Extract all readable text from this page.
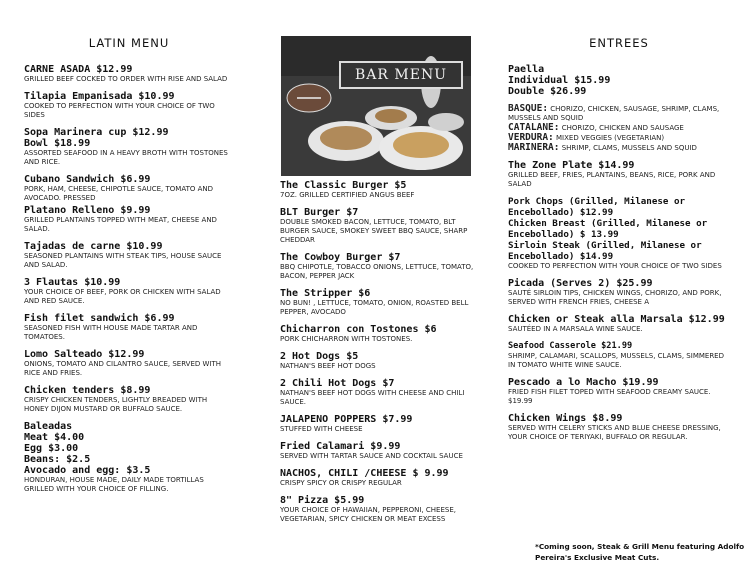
LATIN MENU
CARNE ASADA $12.99
GRILLED BEEF COCKED TO ORDER WITH RISE AND SALAD
Tilapia Empanisada $10.99
COOKED TO PERFECTION WITH YOUR CHOICE OF TWO SIDES
Sopa Marinera cup $12.99
Bowl $18.99
ASSORTED SEAFOOD IN A HEAVY BROTH WITH TOSTONES AND RICE.
Cubano Sandwich $6.99
PORK, HAM, CHEESE, CHIPOTLE SAUCE, TOMATO AND AVOCADO. PRESSED
Platano Relleno $9.99
GRILLED PLANTAINS TOPPED WITH MEAT, CHEESE AND SALAD.
Tajadas de carne $10.99
SEASONED PLANTAINS WITH STEAK TIPS, HOUSE SAUCE AND SALAD.
3 Flautas $10.99
YOUR CHOICE OF BEEF, PORK OR CHICKEN WITH SALAD AND RED SAUCE.
Fish filet sandwich $6.99
SEASONED FISH WITH HOUSE MADE TARTAR AND TOMATOES.
Lomo Salteado $12.99
ONIONS, TOMATO AND CILANTRO SAUCE, SERVED WITH RICE AND FRIES.
Chicken tenders $8.99
CRISPY CHICKEN TENDERS, LIGHTLY BREADED WITH HONEY DIJON MUSTARD OR BUFFALO SAUCE.
Baleadas
Meat $4.00
Egg $3.00
Beans: $2.5
Avocado and egg: $3.5
HONDURAN, HOUSE MADE, DAILY MADE TORTILLAS GRILLED WITH YOUR CHOICE OF FILLING.
BAR MENU
The Classic Burger $5
7OZ. GRILLED CERTIFIED ANGUS BEEF
BLT Burger $7
DOUBLE SMOKED BACON, LETTUCE, TOMATO, BLT BURGER SAUCE, SMOKEY SWEET BBQ SAUCE, SHARP CHEDDAR
The Cowboy Burger $7
BBQ CHIPOTLE, TOBACCO ONIONS, LETTUCE, TOMATO, BACON, PEPPER JACK
The Stripper $6
NO BUN! , LETTUCE, TOMATO, ONION, ROASTED BELL PEPPER, AVOCADO
Chicharron con Tostones $6
PORK CHICHARRON WITH TOSTONES.
2 Hot Dogs $5
NATHAN'S BEEF HOT DOGS
2 Chili Hot Dogs $7
NATHAN'S BEEF HOT DOGS WITH CHEESE AND CHILI SAUCE.
JALAPENO POPPERS $7.99
STUFFED WITH CHEESE
Fried Calamari $9.99
SERVED WITH TARTAR SAUCE AND COCKTAIL SAUCE
NACHOS, CHILI /CHEESE $ 9.99
CRISPY SPICY OR CRISPY REGULAR
8" Pizza $5.99
YOUR CHOICE OF HAWAIIAN, PEPPERONI, CHEESE, VEGETARIAN, SPICY CHICKEN OR MEAT EXCESS
ENTREES
Paella
Individual $15.99
Double $26.99
BASQUE: CHORIZO, CHICKEN, SAUSAGE, SHRIMP, CLAMS, MUSSELS AND SQUID
CATALANE: CHORIZO, CHICKEN AND SAUSAGE
VERDURA: MIXED VEGGIES (VEGETARIAN)
MARINERA: SHRIMP, CLAMS, MUSSELS AND SQUID
The Zone Plate $14.99
GRILLED BEEF, FRIES, PLANTAINS, BEANS, RICE, PORK AND SALAD
Pork Chops (Grilled, Milanese or Encebollado) $12.99
Chicken Breast (Grilled, Milanese or Encebollado) $ 13.99
Sirloin Steak (Grilled, Milanese or Encebollado) $14.99
COOKED TO PERFECTION WITH YOUR CHOICE OF TWO SIDES
Picada (Serves 2) $25.99
SAUTÉ SIRLOIN TIPS, CHICKEN WINGS, CHORIZO, AND PORK, SERVED WITH FRENCH FRIES, CHEESE A
Chicken or Steak alla Marsala $12.99
SAUTÉED IN A MARSALA WINE SAUCE.
Seafood Casserole $21.99
SHRIMP, CALAMARI, SCALLOPS, MUSSELS, CLAMS, SIMMERED IN TOMATO WHITE WINE SAUCE.
Pescado a lo Macho $19.99
FRIED FISH FILET TOPED WITH SEAFOOD CREAMY SAUCE. $19.99
Chicken Wings $8.99
SERVED WITH CELERY STICKS AND BLUE CHEESE DRESSING, YOUR CHOICE OF TERIYAKI, BUFFALO OR REGULAR.
*Coming soon, Steak & Grill Menu featuring Adolfo Pereira's Exclusive Meat Cuts.
